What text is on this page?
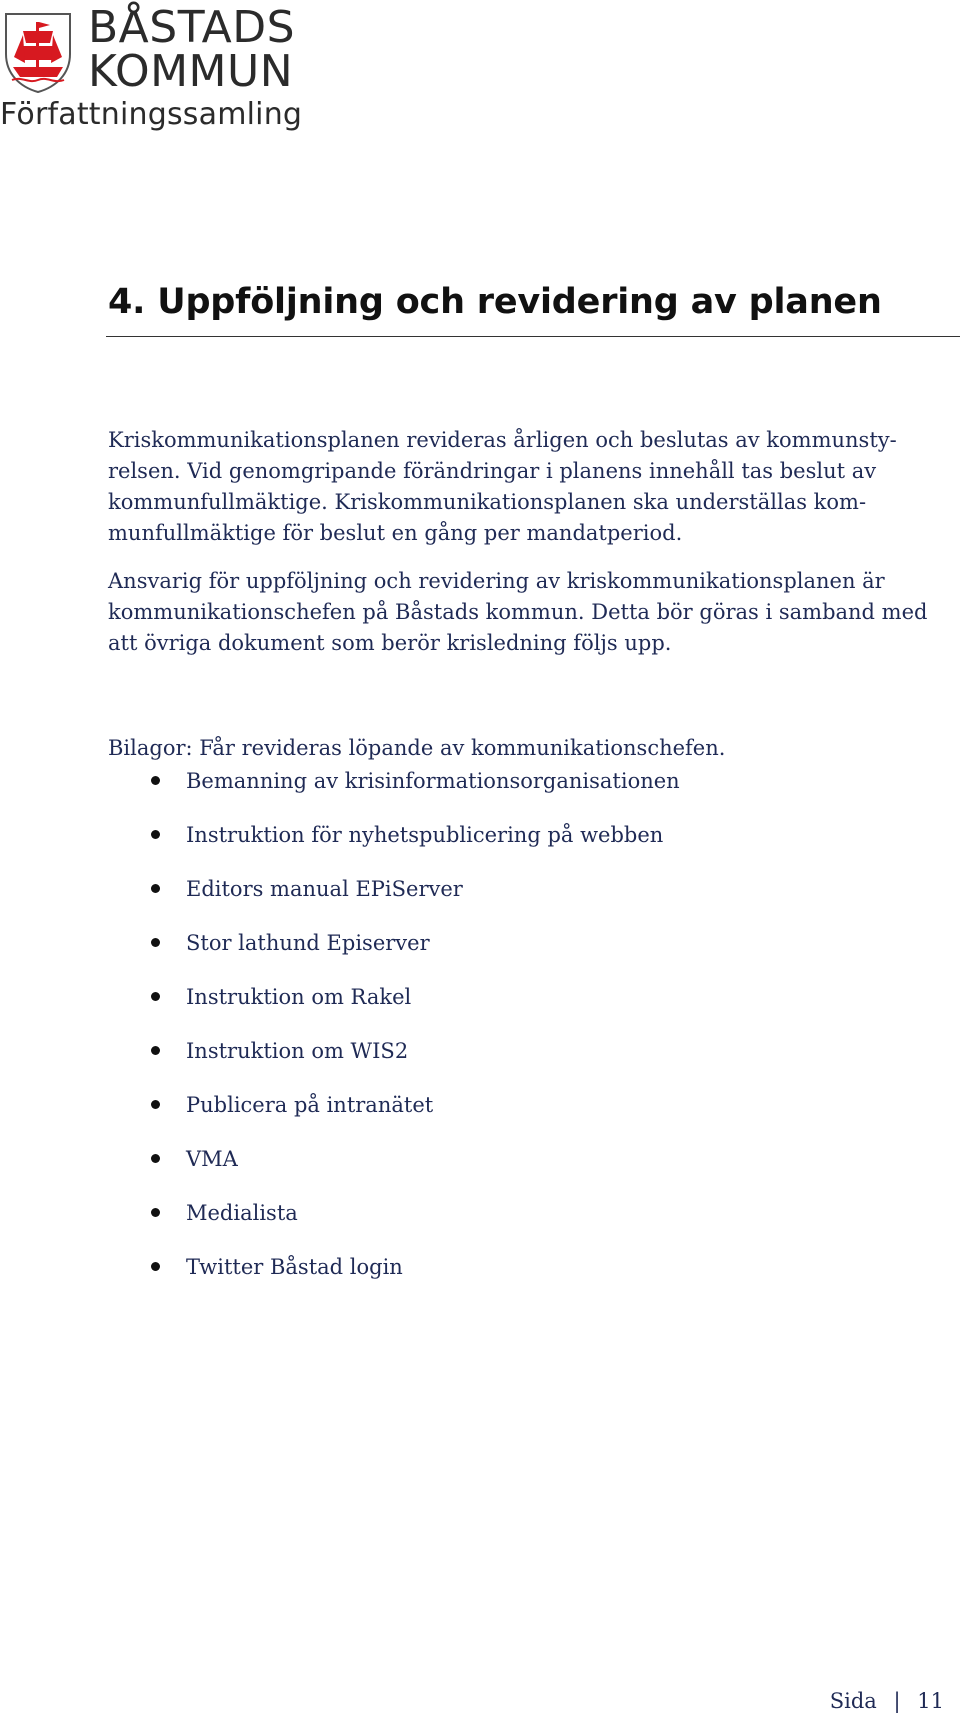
BÅSTADS
KOMMUN
Författningssamling
4. Uppföljning och revidering av planen

Kriskommunikationsplanen revideras årligen och beslutas av kommunsty-relsen. Vid genomgripande förändringar i planens innehåll tas beslut av kommunfullmäktige. Kriskommunikationsplanen ska underställas kom-munfullmäktige för beslut en gång per mandatperiod.

Ansvarig för uppföljning och revidering av kriskommunikationsplanen är kommunikationschefen på Båstads kommun. Detta bör göras i samband med att övriga dokument som berör krisledning följs upp.

Bilagor: Får revideras löpande av kommunikationschefen.

Bemanning av krisinformationsorganisationen
Instruktion för nyhetspublicering på webben
Editors manual EPiServer
Stor lathund Episerver
Instruktion om Rakel
Instruktion om WIS2
Publicera på intranätet
VMA
Medialista
Twitter Båstad login
Sida | 11
